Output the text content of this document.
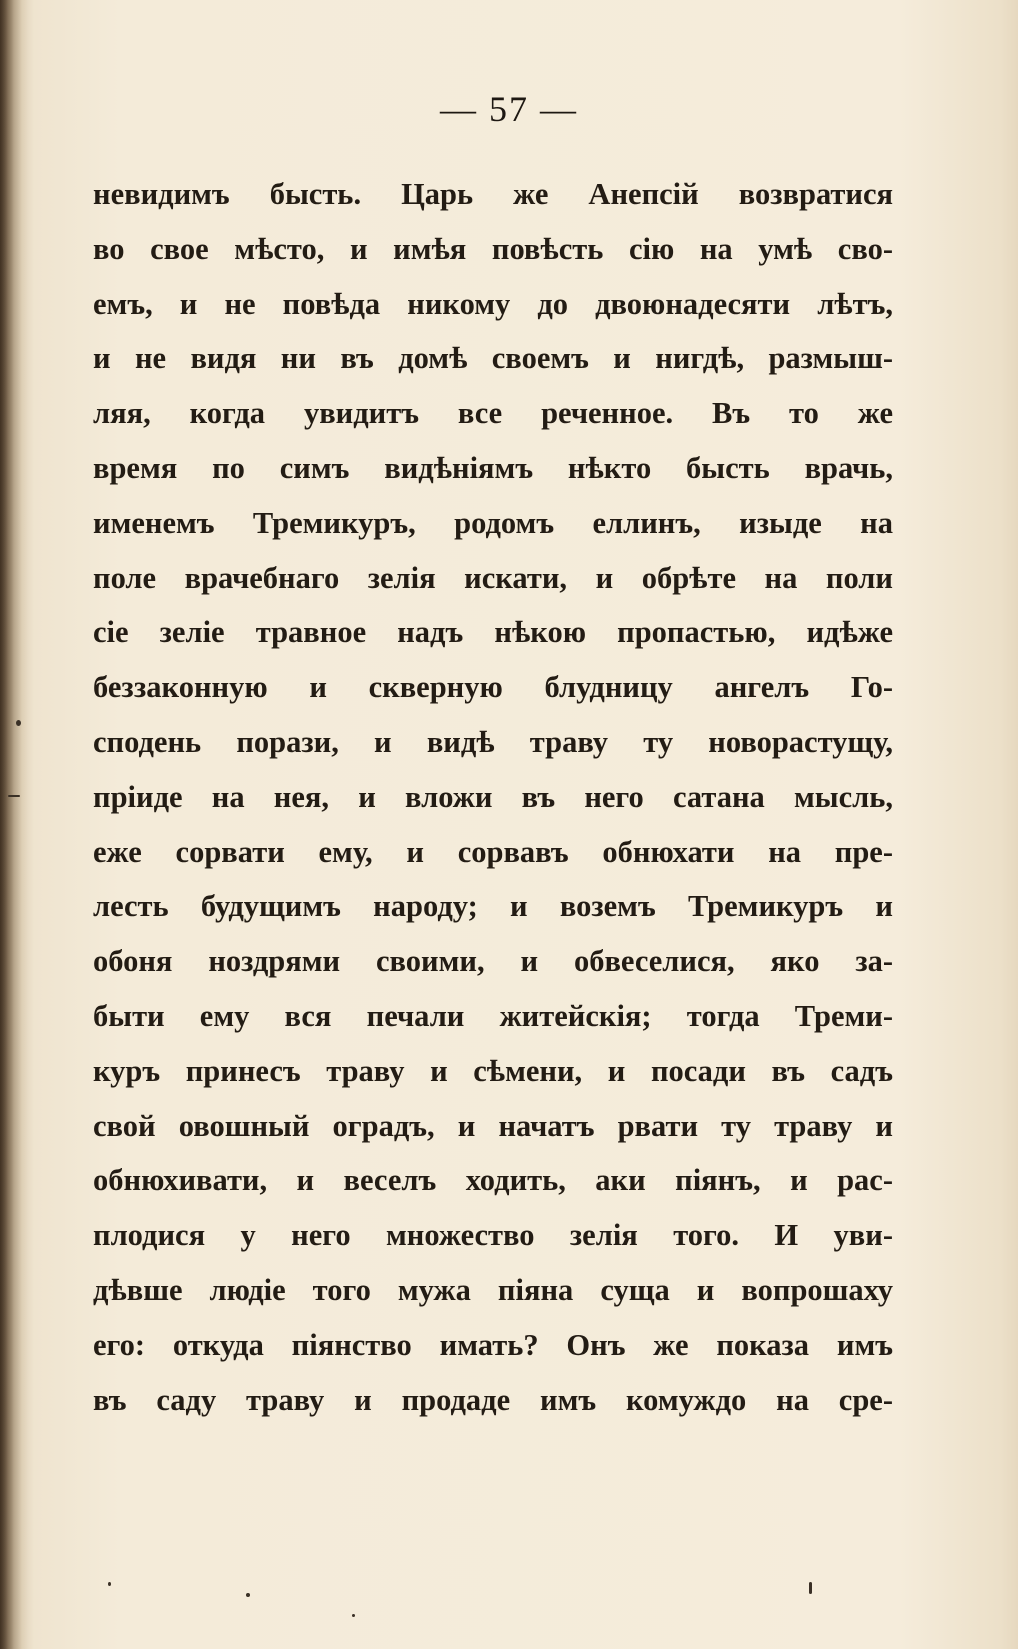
— 57 —
невидимъ бысть. Царь же Анепсій возвратися
во свое мѣсто, и имѣя повѣсть сію на умѣ сво-
емъ, и не повѣда никому до двоюнадесяти лѣтъ,
и не видя ни въ домѣ своемъ и нигдѣ, размыш-
ляя, когда увидитъ все реченное. Въ то же
время по симъ видѣніямъ нѣкто бысть врачь,
именемъ Тремикуръ, родомъ еллинъ, изыде на
поле врачебнаго зелія искати, и обрѣте на поли
сіе зеліе травное надъ нѣкою пропастью, идѣже
беззаконную и скверную блудницу ангелъ Го-
сподень порази, и видѣ траву ту новорастущу,
пріиде на нея, и вложи въ него сатана мысль,
еже сорвати ему, и сорвавъ обнюхати на пре-
лесть будущимъ народу; и воземъ Тремикуръ и
обоня ноздрями своими, и обвеселися, яко за-
быти ему вся печали житейскія; тогда Треми-
куръ принесъ траву и сѣмени, и посади въ садъ
свой овошный оградъ, и начатъ рвати ту траву и
обнюхивати, и веселъ ходить, аки піянъ, и рас-
плодися у него множество зелія того. И уви-
дѣвше людіе того мужа піяна суща и вопрошаху
его: откуда піянство имать? Онъ же показа имъ
въ саду траву и продаде имъ комуждо на сре-
